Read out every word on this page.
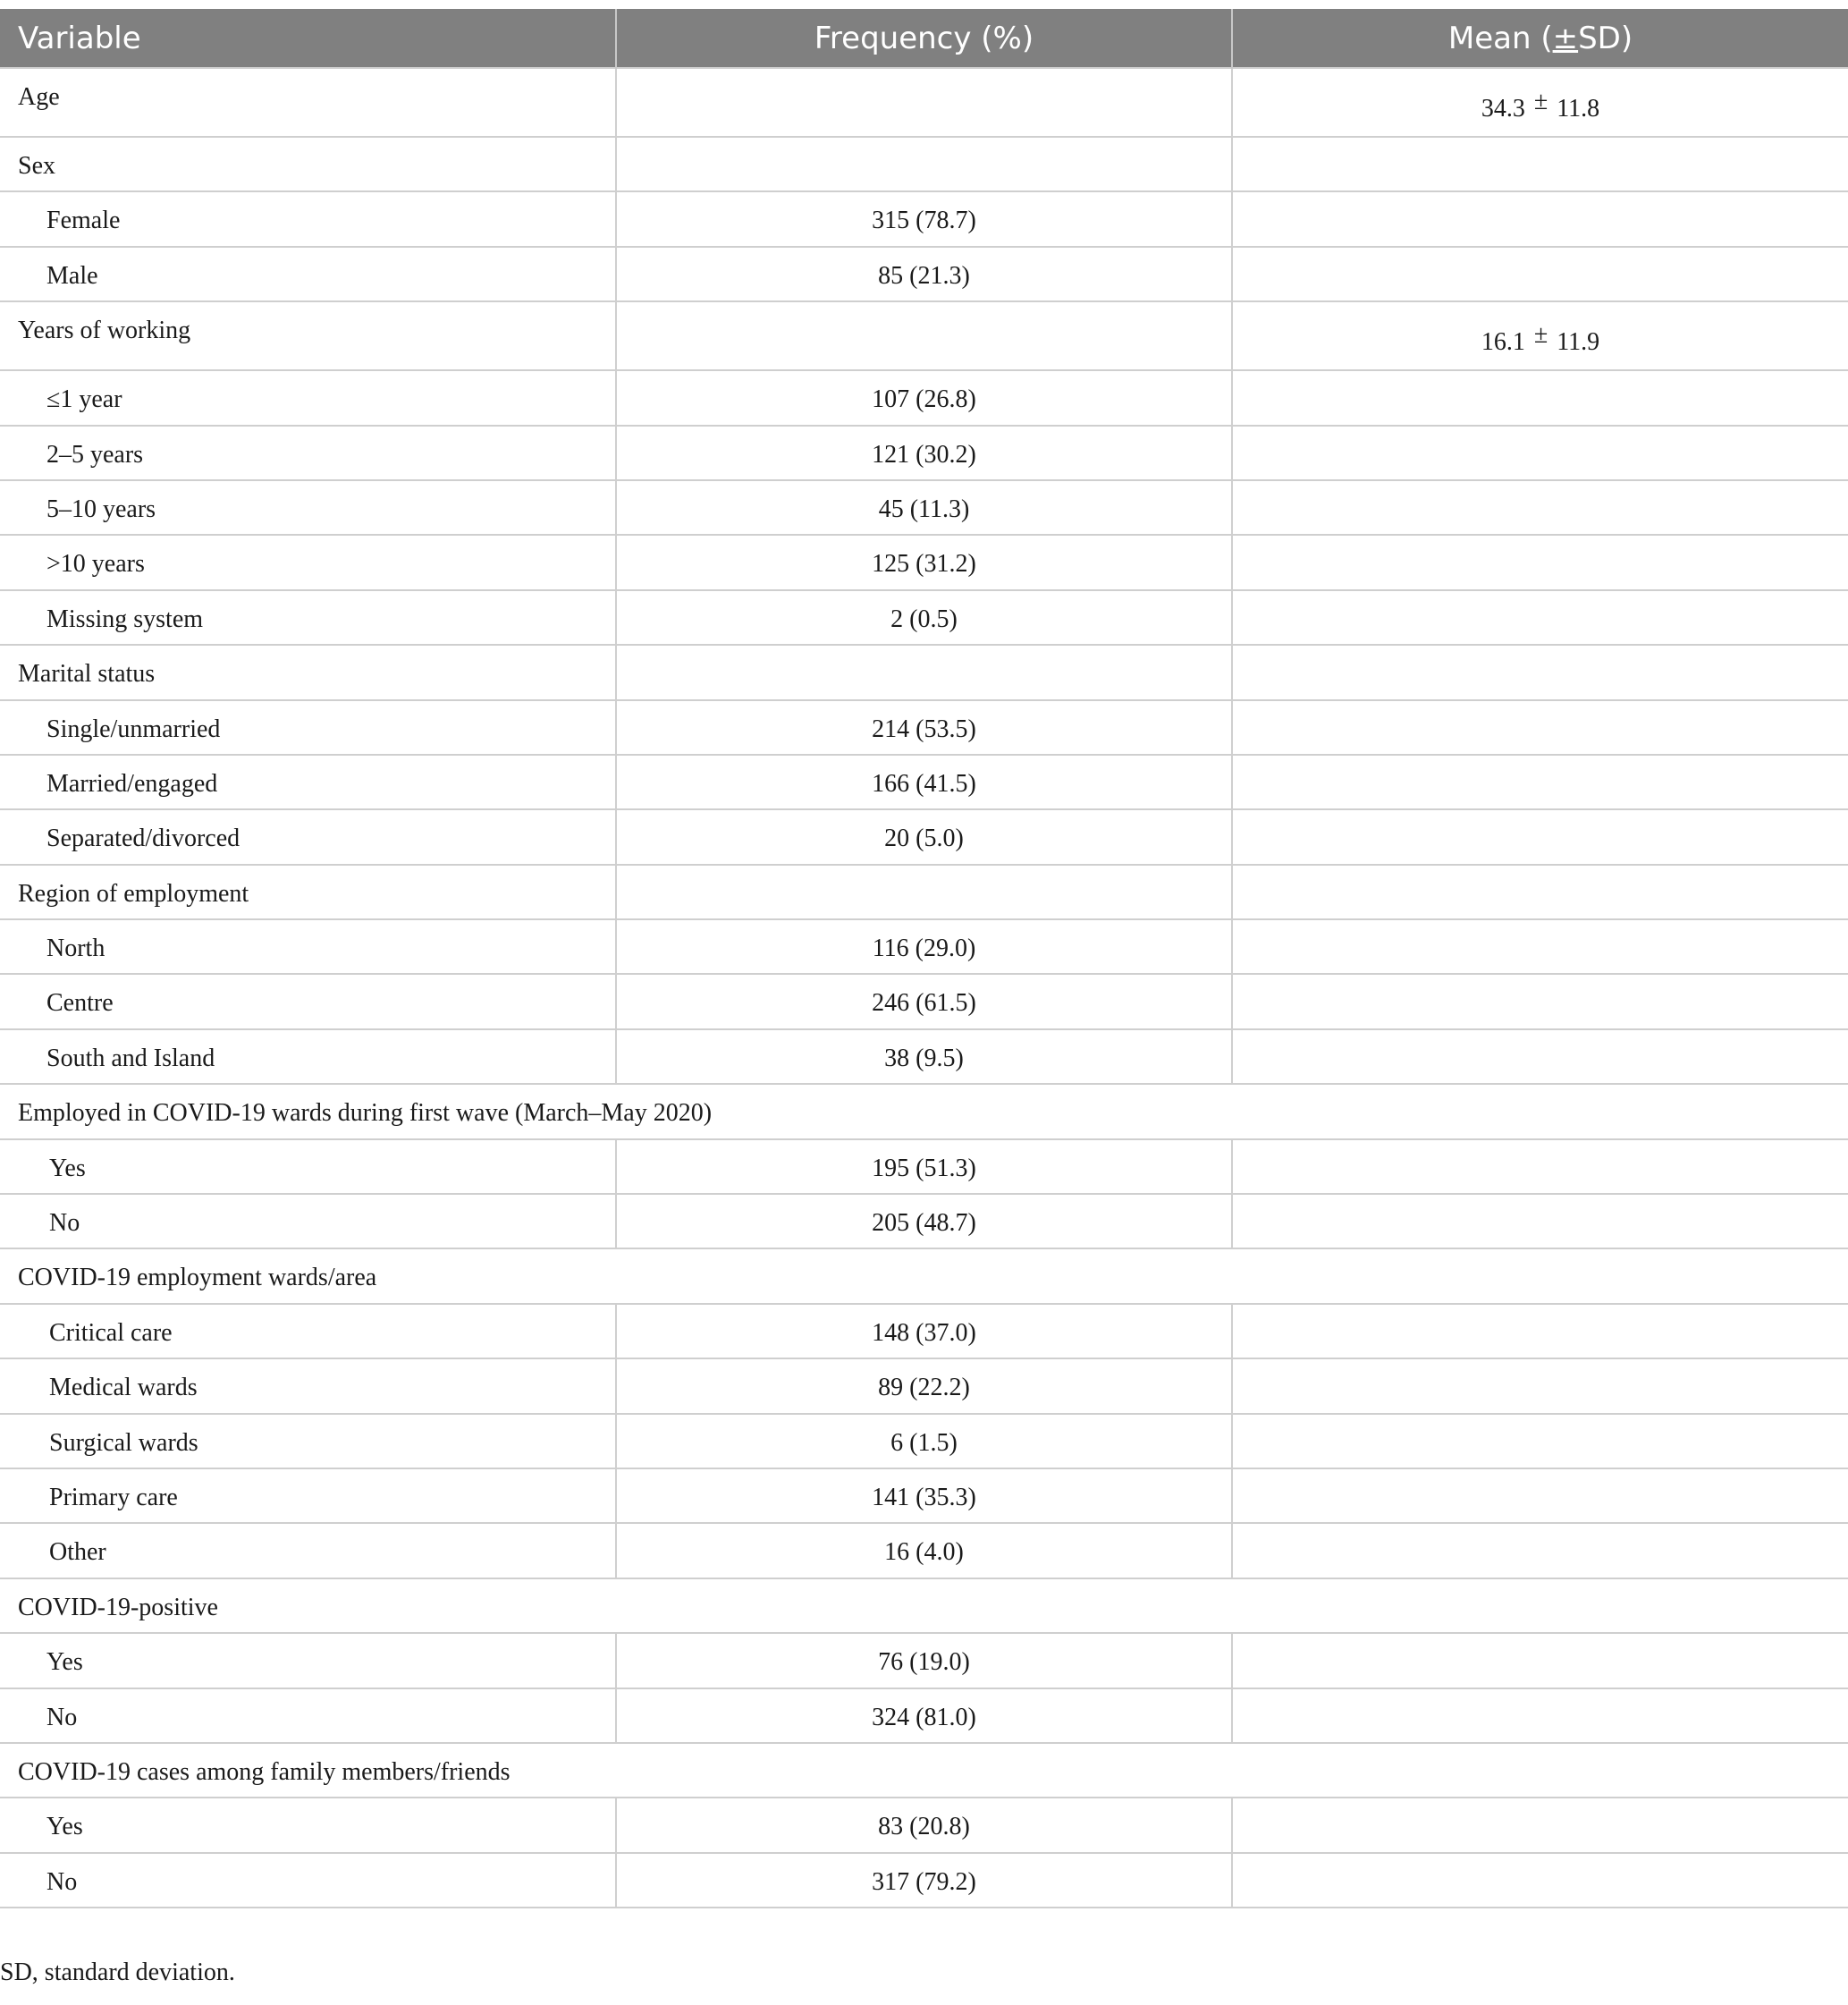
Variable	Frequency (%)	Mean (±SD)
Age		34.3 ± 11.8
Sex		
Female	315 (78.7)	
Male	85 (21.3)	
Years of working		16.1 ± 11.9
≤1 year	107 (26.8)	
2–5 years	121 (30.2)	
5–10 years	45 (11.3)	
>10 years	125 (31.2)	
Missing system	2 (0.5)	
Marital status		
Single/unmarried	214 (53.5)	
Married/engaged	166 (41.5)	
Separated/divorced	20 (5.0)	
Region of employment		
North	116 (29.0)	
Centre	246 (61.5)	
South and Island	38 (9.5)	
Employed in COVID-19 wards during first wave (March–May 2020)		
Yes	195 (51.3)	
No	205 (48.7)	
COVID-19 employment wards/area		
Critical care	148 (37.0)	
Medical wards	89 (22.2)	
Surgical wards	6 (1.5)	
Primary care	141 (35.3)	
Other	16 (4.0)	
COVID-19-positive		
Yes	76 (19.0)	
No	324 (81.0)	
COVID-19 cases among family members/friends		
Yes	83 (20.8)	
No	317 (79.2)	
SD, standard deviation.
